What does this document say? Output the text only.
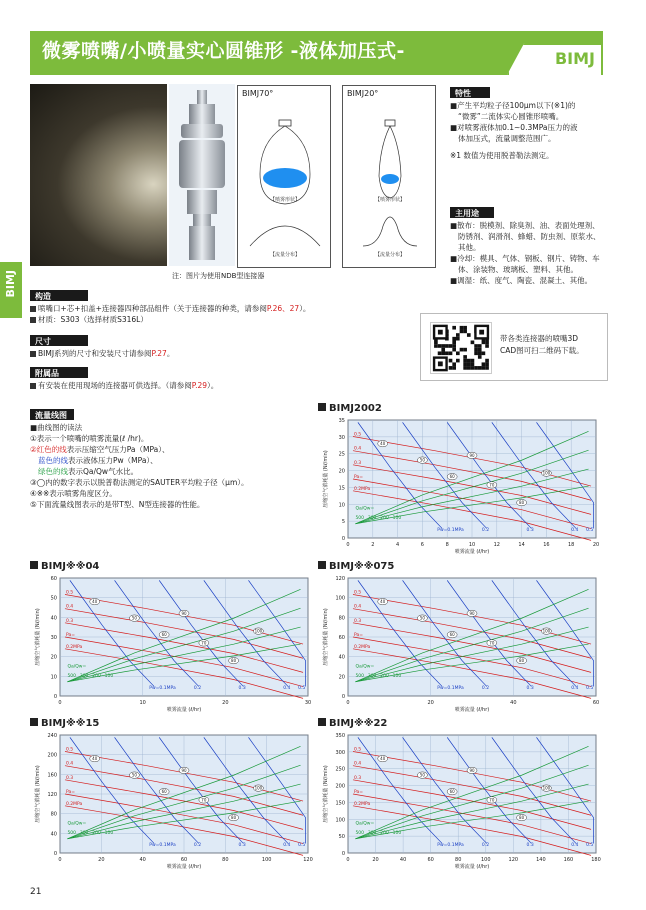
微雾喷嘴/小喷量实心圆锥形 -液体加压式-	BIMJ
BIMJ
BIMJ70°
【喷雾形状】
【流量分布】
BIMJ20°
【喷雾形状】
【流量分布】
注：图片为使用NDB型连接器
特性
■产生平均粒子径100μm以下(※1)的
“微雾”二流体实心圆锥形喷嘴。
■对喷雾液体加0.1~0.3MPa压力的液
体加压式，流量调整范围广。
※1 数值为使用脱普勒法测定。
主用途
■散布：脱模剂、除臭剂、油、表面处理剂、
防锈剂、润滑剂、蜂蜡、防虫剂、原浆水、
其他。
■冷却：模具、气体、钢板、钢片、铸物、车
体、涂装物、玻璃板、塑料、其他。
■调湿：纸、度气、陶瓷、混凝土、其他。
构造
喷嘴口+芯+扣盖+连接器四种部品组件（关于连接器的种类，请参阅P.26、27）。
材质：S303（选择材质S316L）
尺寸
BIMJ系列的尺寸和安装尺寸请参阅P.27。
附属品
有安装在使用现场的连接器可供选择。（请参阅P.29）。
带各类连接器的喷嘴3D
CAD图可扫二维码下载。
流量线图
■曲线图的读法
①表示一个喷嘴的喷雾流量(ℓ /hr)。
②红色的线表示压缩空气压力Pa（MPa）、
蓝色的线表示液体压力Pw（MPa）、
绿色的线表示Qa/Qw气水比。
③◯内的数字表示以脱普勒法测定的SAUTER平均粒子径（μm）。
④※※表示喷雾角度区分。
⑤下面流量线图表示的是带T型、N型连接器的性能。
BIMJ2002
0	2	4	6	8	10	12	14	16	18	20
0
5
10
15
20
25
30
35
喷雾流量 (ℓ/hr)
压缩空气消耗量 (Nℓ/min)
0.5
0.4
0.3
Pa=
0.2MPa
Pw=0.1MPa	0.2	0.3	0.4 0.5
Qa/Qw=
500 300 200 100
40
50
60
70
80
90
100
BIMJ※※04
0	10	20	30
0
10
20
30
40
50
60
喷雾流量 (ℓ/hr)
压缩空气消耗量 (Nℓ/min)
0.5
0.4
0.3
Pa=
0.2MPa
Pw=0.1MPa	0.2	0.3	0.4 0.5
Qa/Qw=
500 300 200 100
40
50
60
70
80
90
100
BIMJ※※075
0	20	40	60
0
20
40
60
80
100
120
喷雾流量 (ℓ/hr)
压缩空气消耗量 (Nℓ/min)
0.5
0.4
0.3
Pa=
0.2MPa
Pw=0.1MPa	0.2	0.3	0.4 0.5
Qa/Qw=
500 300 200 100
40
50
60
70
80
90
100
BIMJ※※15
0	20	40	60	80	100	120
0
40
80
120
160
200
240
喷雾流量 (ℓ/hr)
压缩空气消耗量 (Nℓ/min)
0.5
0.4
0.3
Pa=
0.2MPa
Pw=0.1MPa	0.2	0.3	0.4 0.5
Qa/Qw=
500 300 200 100
40
50
60
70
80
90
100
BIMJ※※22
0	20	40	60	80	100	120	140	160	180
0
50
100
150
200
250
300
350
喷雾流量 (ℓ/hr)
压缩空气消耗量 (Nℓ/min)
0.5
0.4
0.3
Pa=
0.2MPa
Pw=0.1MPa	0.2	0.3	0.4 0.5
Qa/Qw=
500 300 200 100
40
50
60
70
80
90
100
21
